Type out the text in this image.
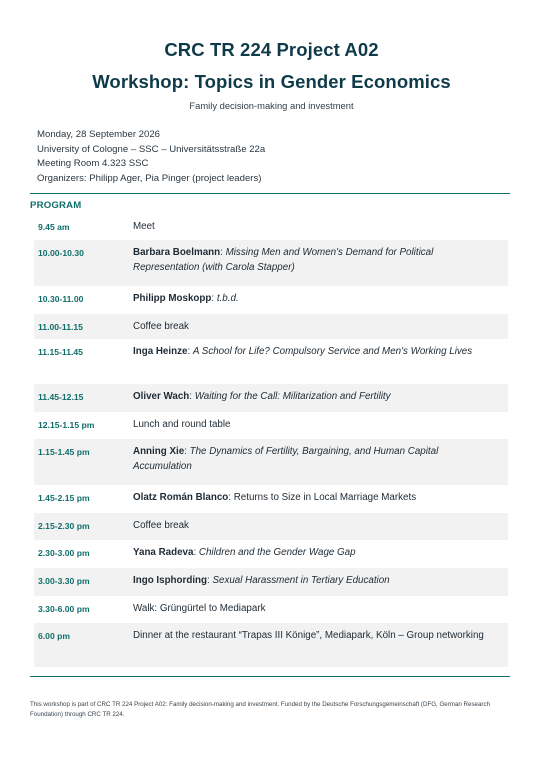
CRC TR 224 Project A02
Workshop: Topics in Gender Economics
Family decision-making and investment
Monday, 28 September 2026
University of Cologne – SSC – Universitätsstraße 22a
Meeting Room 4.323 SSC
Organizers: Philipp Ager, Pia Pinger (project leaders)
PROGRAM
9.45 am	Meet
10.00-10.30	Barbara Boelmann: Missing Men and Women's Demand for Political Representation (with Carola Stapper)
10.30-11.00	Philipp Moskopp: t.b.d.
11.00-11.15	Coffee break
11.15-11.45	Inga Heinze: A School for Life? Compulsory Service and Men's Working Lives
11.45-12.15	Oliver Wach: Waiting for the Call: Militarization and Fertility
12.15-1.15 pm	Lunch and round table
1.15-1.45 pm	Anning Xie: The Dynamics of Fertility, Bargaining, and Human Capital Accumulation
1.45-2.15 pm	Olatz Román Blanco: Returns to Size in Local Marriage Markets
2.15-2.30 pm	Coffee break
2.30-3.00 pm	Yana Radeva: Children and the Gender Wage Gap
3.00-3.30 pm	Ingo Isphording: Sexual Harassment in Tertiary Education
3.30-6.00 pm	Walk: Grüngürtel to Mediapark
6.00 pm	Dinner at the restaurant “Trapas III Könige”, Mediapark, Köln – Group networking
This workshop is part of CRC TR 224 Project A02: Family decision-making and investment. Funded by the Deutsche Forschungsgemeinschaft (DFG, German Research Foundation) through CRC TR 224.
